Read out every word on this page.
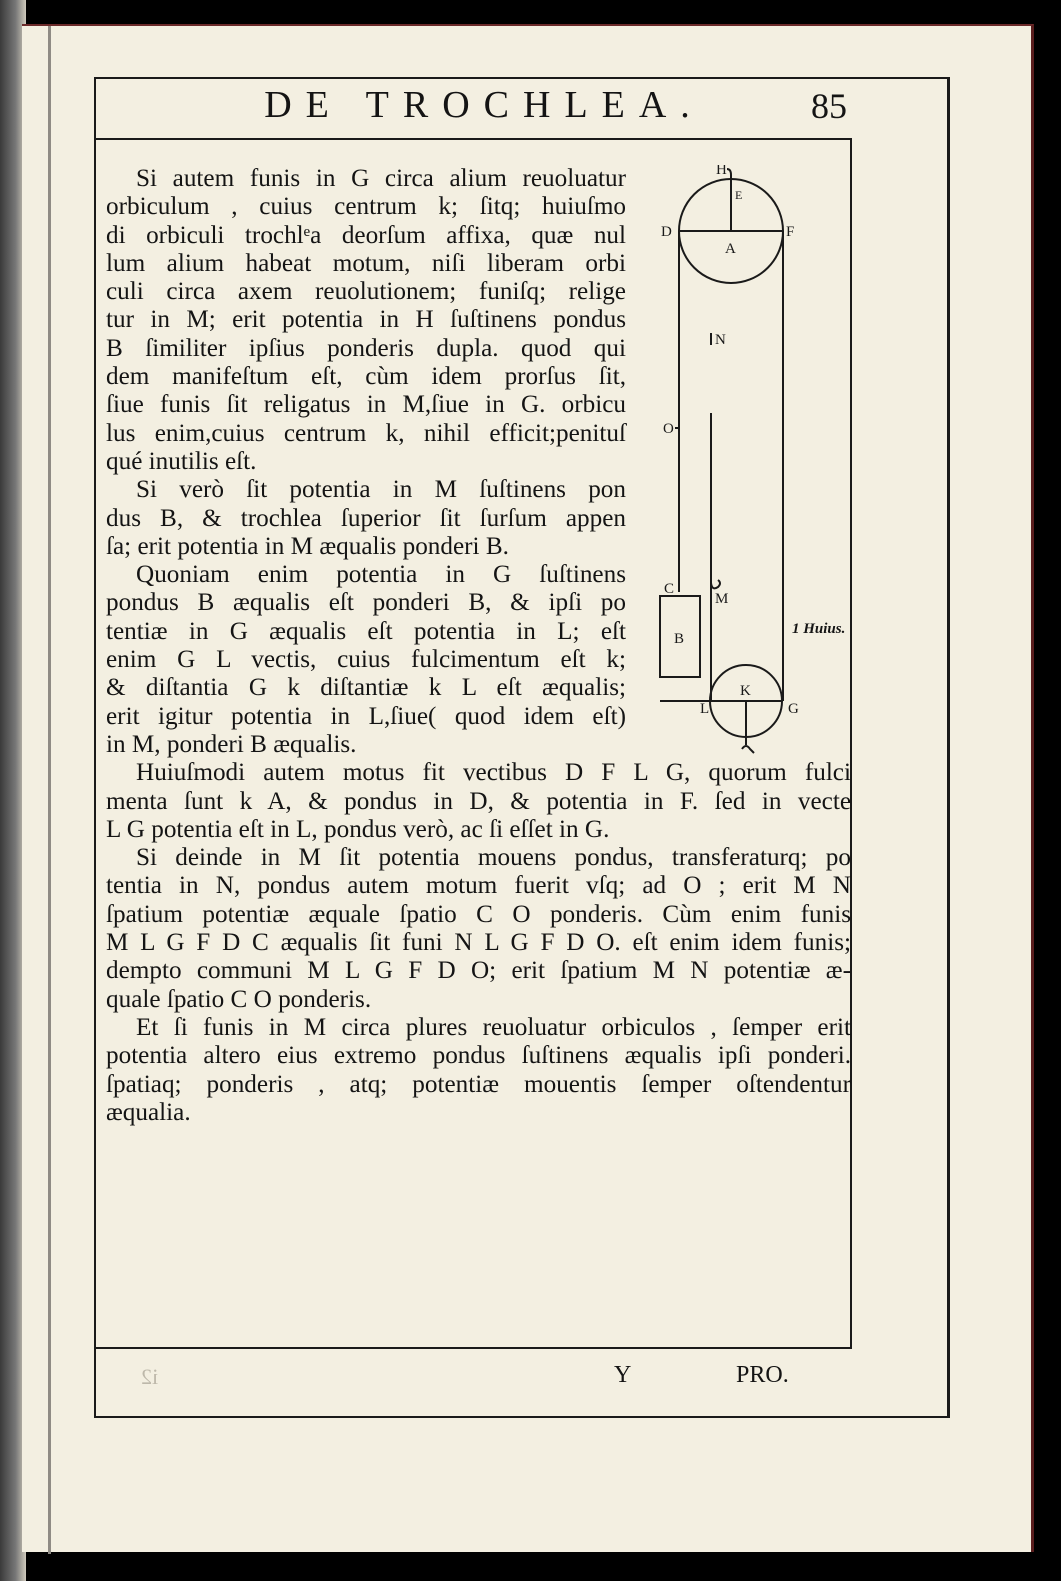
DE TROCHLEA.	85
Si autem funis in G circa alium reuoluatur
orbiculum , cuius centrum k; ſitq; huiuſmo
di orbiculi trochlᵉa deorſum affixa, quæ nul
lum alium habeat motum, niſi liberam orbi
culi circa axem reuolutionem; funiſq; relige
tur in M; erit potentia in H ſuſtinens pondus
B ſimiliter ipſius ponderis dupla. quod qui
dem manifeſtum eſt, cùm idem prorſus ſit,
ſiue funis ſit religatus in M,ſiue in G. orbicu
lus enim,cuius centrum k, nihil efficit;penituſ
qué inutilis eſt.
Si verò ſit potentia in M ſuſtinens pon
dus B, & trochlea ſuperior ſit ſurſum appen
ſa; erit potentia in M æqualis ponderi B.
Quoniam enim potentia in G ſuſtinens
pondus B æqualis eſt ponderi B, & ipſi po
tentiæ in G æqualis eſt potentia in L; eſt
enim G L vectis, cuius fulcimentum eſt k;
& diſtantia G k diſtantiæ k L eſt æqualis;
erit igitur potentia in L,ſiue( quod idem eſt)
in M, ponderi B æqualis.
Huiuſmodi autem motus fit vectibus D F L G, quorum fulci
menta ſunt k A, & pondus in D, & potentia in F. ſed in vecte
L G potentia eſt in L, pondus verò, ac ſi eſſet in G.
Si deinde in M ſit potentia mouens pondus, transferaturq; po
tentia in N, pondus autem motum fuerit vſq; ad O ; erit M N
ſpatium potentiæ æquale ſpatio C O ponderis. Cùm enim funis
M L G F D C æqualis ſit funi N L G F D O. eſt enim idem funis;
dempto communi M L G F D O; erit ſpatium M N potentiæ æ-
quale ſpatio C O ponderis.
Et ſi funis in M circa plures reuoluatur orbiculos , ſemper erit
potentia altero eius extremo pondus ſuſtinens æqualis ipſi ponderi.
ſpatiaq; ponderis , atq; potentiæ mouentis ſemper oſtendentur
æqualia.
H
E
D	F
A
N
O
M
C
B
K
L	G
i2	Y	PRO.
1 Huius.
